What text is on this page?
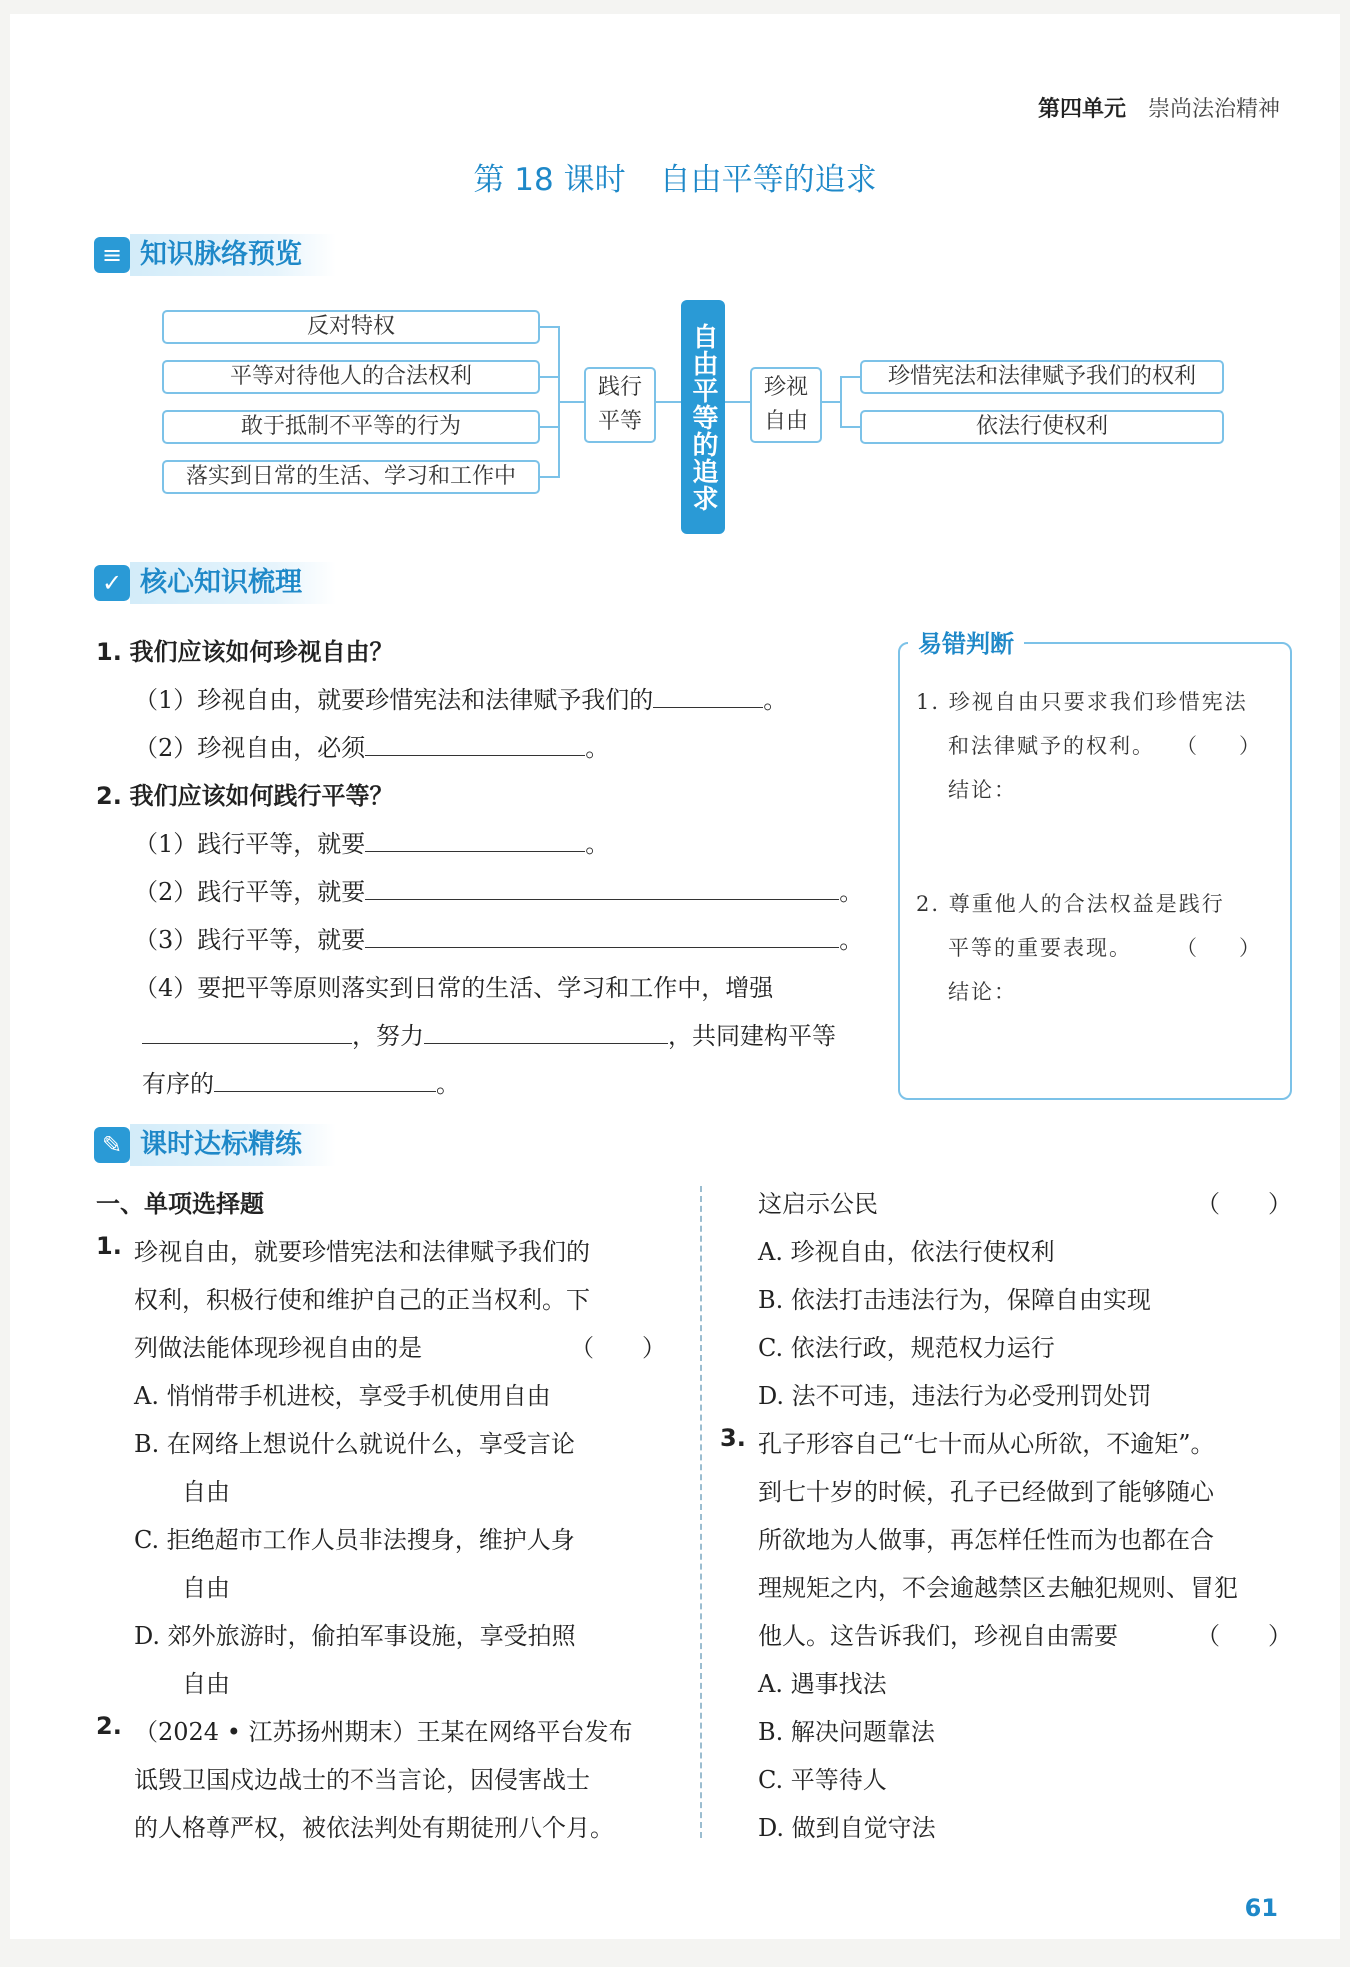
第四单元 崇尚法治精神
第 18 课时 自由平等的追求
≡ 知识脉络预览
反对特权
平等对待他人的合法权利
敢于抵制不平等的行为
落实到日常的生活、学习和工作中
践行
平等	自由平等的追求	珍视
自由
珍惜宪法和法律赋予我们的权利
依法行使权利
✓ 核心知识梳理
1. 我们应该如何珍视自由？
（1）珍视自由，就要珍惜宪法和法律赋予我们的	。
（2）珍视自由，必须	。
2. 我们应该如何践行平等？
（1）践行平等，就要	。
（2）践行平等，就要	。
（3）践行平等，就要	。
（4）要把平等原则落实到日常的生活、学习和工作中，增强
，努力	，共同建构平等
有序的	。
易错判断
1. 珍视自由只要求我们珍惜宪法
和法律赋予的权利。 （　　）
结论：
2. 尊重他人的合法权益是践行
平等的重要表现。 （　　）
结论：
✎ 课时达标精练
一、单项选择题
1. 珍视自由，就要珍惜宪法和法律赋予我们的
权利，积极行使和维护自己的正当权利。下
列做法能体现珍视自由的是	（　　）
A. 悄悄带手机进校，享受手机使用自由
B. 在网络上想说什么就说什么，享受言论
自由
C. 拒绝超市工作人员非法搜身，维护人身
自由
D. 郊外旅游时，偷拍军事设施，享受拍照
自由
2. （2024 • 江苏扬州期末）王某在网络平台发布
诋毁卫国戍边战士的不当言论，因侵害战士
的人格尊严权，被依法判处有期徒刑八个月。
这启示公民	（　　）
A. 珍视自由，依法行使权利
B. 依法打击违法行为，保障自由实现
C. 依法行政，规范权力运行
D. 法不可违，违法行为必受刑罚处罚
3. 孔子形容自己“七十而从心所欲，不逾矩”。
到七十岁的时候，孔子已经做到了能够随心
所欲地为人做事，再怎样任性而为也都在合
理规矩之内，不会逾越禁区去触犯规则、冒犯
他人。这告诉我们，珍视自由需要	（　　）
A. 遇事找法
B. 解决问题靠法
C. 平等待人
D. 做到自觉守法
61
